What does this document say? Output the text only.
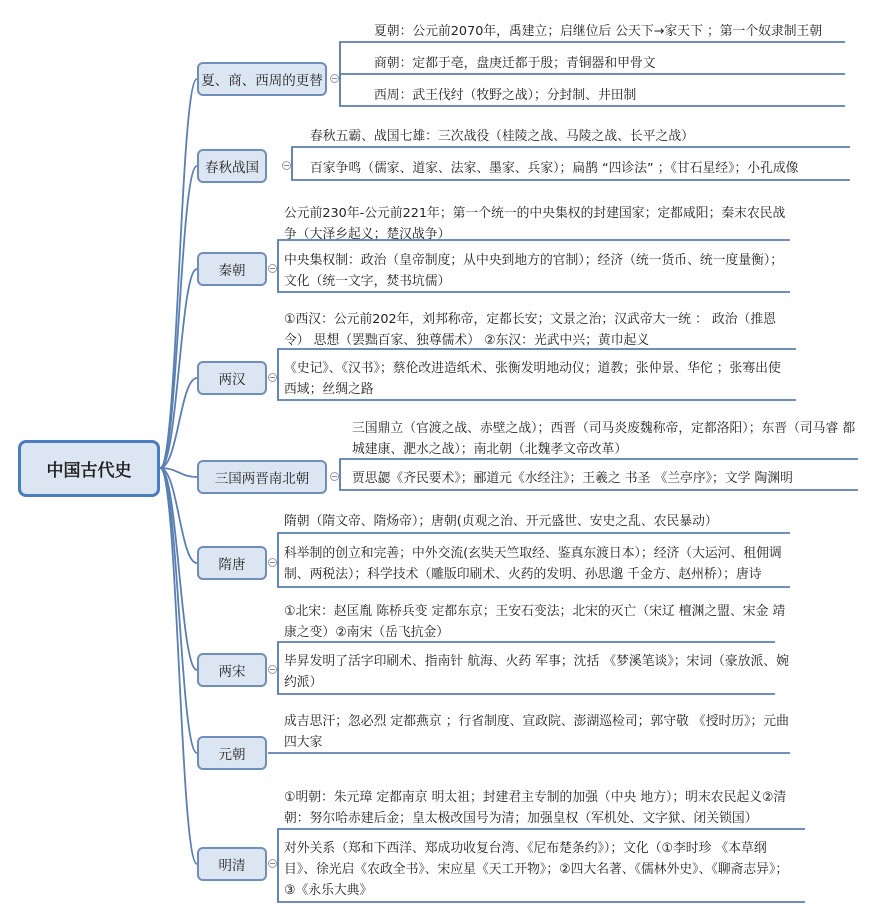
中国古代史
夏、商、西周的更替
夏朝：公元前2070年，禹建立；启继位后 公天下→家天下 ；第一个奴隶制王朝
商朝：定都于亳，盘庚迁都于殷；青铜器和甲骨文
西周：武王伐纣（牧野之战）；分封制、井田制
春秋战国
春秋五霸、战国七雄：三次战役（桂陵之战、马陵之战、长平之战）
百家争鸣（儒家、道家、法家、墨家、兵家）；扁鹊 “四诊法” ；《甘石星经》；小孔成像
秦朝
公元前230年-公元前221年；第一个统一的中央集权的封建国家；定都咸阳；秦末农民战争（大泽乡起义；楚汉战争）
中央集权制：政治（皇帝制度；从中央到地方的官制）；经济（统一货币、统一度量衡）；文化（统一文字，焚书坑儒）
两汉
①西汉：公元前202年，刘邦称帝，定都长安；文景之治；汉武帝大一统 ： 政治（推恩令） 思想（罢黜百家、独尊儒术） ②东汉：光武中兴；黄巾起义
《史记》、《汉书》；蔡伦改进造纸术、张衡发明地动仪；道教；张仲景、华佗 ；张骞出使西域；丝绸之路
三国两晋南北朝
三国鼎立（官渡之战、赤壁之战）；西晋（司马炎废魏称帝，定都洛阳）；东晋（司马睿 都城建康、淝水之战）；南北朝（北魏孝文帝改革）
贾思勰《齐民要术》；郦道元《水经注》；王羲之 书圣 《兰亭序》；文学 陶渊明
隋唐
隋朝（隋文帝、隋炀帝）；唐朝(贞观之治、开元盛世、安史之乱、农民暴动）
科举制的创立和完善；中外交流(玄奘天竺取经、鉴真东渡日本）；经济（大运河、租佣调制、两税法）；科学技术（雕版印刷术、火药的发明、孙思邈 千金方、赵州桥）；唐诗
两宋
①北宋：赵匡胤 陈桥兵变 定都东京；王安石变法；北宋的灭亡（宋辽 檀渊之盟、宋金 靖康之变）②南宋（岳飞抗金）
毕昇发明了活字印刷术、指南针 航海、火药 军事；沈括 《梦溪笔谈》；宋词（豪放派、婉约派）
元朝
成吉思汗；忽必烈 定都燕京 ；行省制度、宣政院、澎湖巡检司；郭守敬 《授时历》；元曲四大家
明清
①明朝：朱元璋 定都南京 明太祖；封建君主专制的加强（中央 地方）；明末农民起义②清朝：努尔哈赤建后金；皇太极改国号为清；加强皇权（军机处、文字狱、闭关锁国）
对外关系（郑和下西洋、郑成功收复台湾、《尼布楚条约》）；文化（①李时珍 《本草纲目》、徐光启《农政全书》、宋应星《天工开物》；②四大名著、《儒林外史》、《聊斋志异》；③《永乐大典》
